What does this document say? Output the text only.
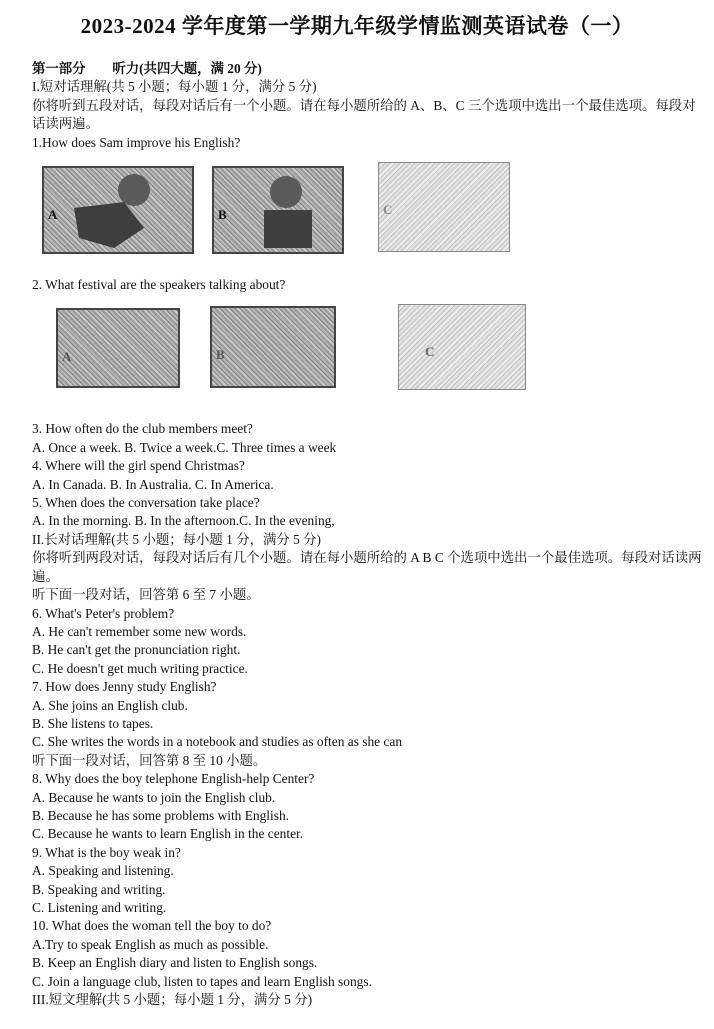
2023-2024 学年度第一学期九年级学情监测英语试卷（一）
第一部分　　听力(共四大题，满 20 分)
I.短对话理解(共 5 小题；每小题 1 分，满分 5 分)
你将听到五段对话，每段对话后有一个小题。请在每小题所给的 A、B、C 三个选项中选出一个最佳选项。每段对话读两遍。
1.How does Sam improve his English?
A	B	C
2. What festival are the speakers talking about?
A	B	C
3. How often do the club members meet?
A. Once a week. B. Twice a week.C. Three times a week
4. Where will the girl spend Christmas?
A. In Canada. B. In Australia. C. In America.
5. When does the conversation take place?
A. In the morning. B. In the afternoon.C. In the evening,
II.长对话理解(共 5 小题；每小题 1 分，满分 5 分)
你将听到两段对话，每段对话后有几个小题。请在每小题所给的 A B C 个选项中选出一个最佳选项。每段对话读两遍。
听下面一段对话，回答第 6 至 7 小题。
6. What's Peter's problem?
A. He can't remember some new words.
B. He can't get the pronunciation right.
C. He doesn't get much writing practice.
7. How does Jenny study English?
A. She joins an English club.
B. She listens to tapes.
C. She writes the words in a notebook and studies as often as she can
听下面一段对话，回答第 8 至 10 小题。
8. Why does the boy telephone English-help Center?
A. Because he wants to join the English club.
B. Because he has some problems with English.
C. Because he wants to learn English in the center.
9. What is the boy weak in?
A. Speaking and listening.
B. Speaking and writing.
C. Listening and writing.
10. What does the woman tell the boy to do?
A.Try to speak English as much as possible.
B. Keep an English diary and listen to English songs.
C. Join a language club, listen to tapes and learn English songs.
III.短文理解(共 5 小题；每小题 1 分，满分 5 分)
